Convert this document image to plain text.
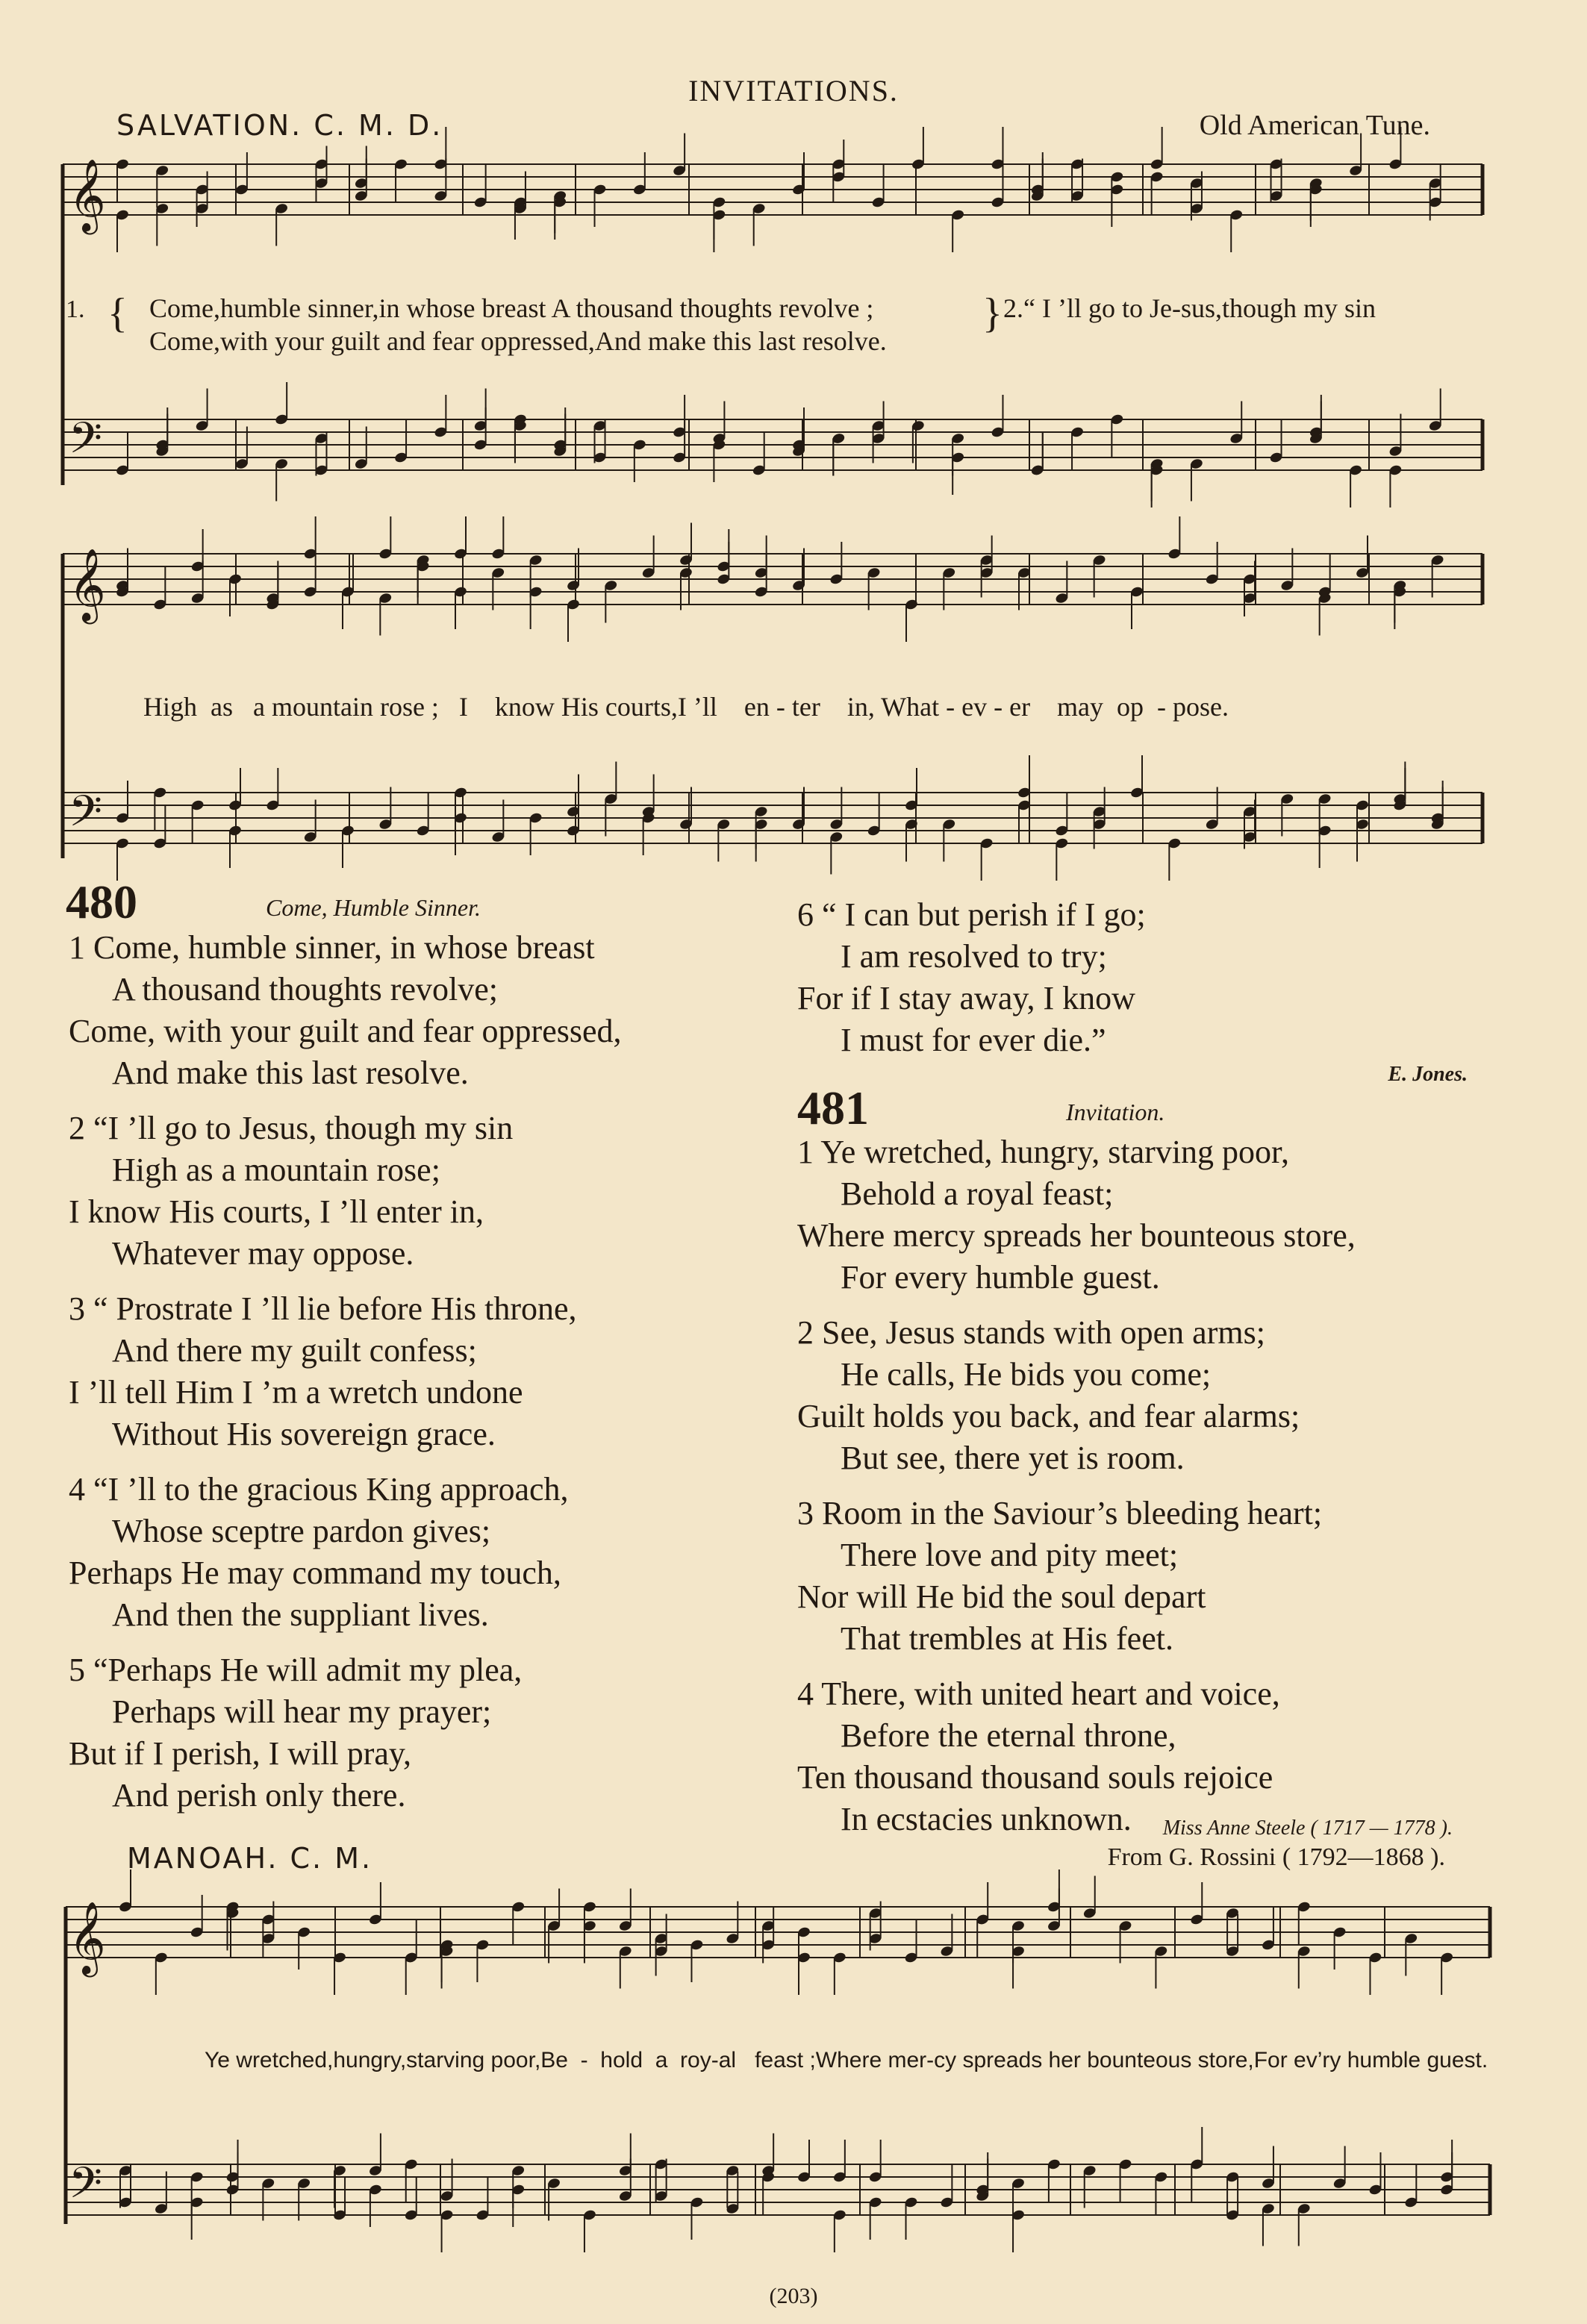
INVITATIONS.
SALVATION. C. M. D.	Old American Tune.
𝄞
𝄞
𝄞
𝄢
𝄢
𝄢
1. { Come,humble sinner,in whose breast A thousand thoughts revolve ;
Come,with your guilt and fear oppressed,And make this last resolve.
} 2.“ I ’ll go to Je-sus,though my sin
High  as   a mountain rose ;   I    know His courts,I ’ll    en - ter    in, What - ev - er    may  op  - pose.
480	Come, Humble Sinner.
1 Come, humble sinner, in whose breast
A thousand thoughts revolve;
Come, with your guilt and fear oppressed,
And make this last resolve.
2 “I ’ll go to Jesus, though my sin
High as a mountain rose;
I know His courts, I ’ll enter in,
Whatever may oppose.
3 “ Prostrate I ’ll lie before His throne,
And there my guilt confess;
I ’ll tell Him I ’m a wretch undone
Without His sovereign grace.
4 “I ’ll to the gracious King approach,
Whose sceptre pardon gives;
Perhaps He may command my touch,
And then the suppliant lives.
5 “Perhaps He will admit my plea,
Perhaps will hear my prayer;
But if I perish, I will pray,
And perish only there.
6 “ I can but perish if I go;
I am resolved to try;
For if I stay away, I know
I must for ever die.”
E. Jones.
481	Invitation.
1 Ye wretched, hungry, starving poor,
Behold a royal feast;
Where mercy spreads her bounteous store,
For every humble guest.
2 See, Jesus stands with open arms;
He calls, He bids you come;
Guilt holds you back, and fear alarms;
But see, there yet is room.
3 Room in the Saviour’s bleeding heart;
There love and pity meet;
Nor will He bid the soul depart
That trembles at His feet.
4 There, with united heart and voice,
Before the eternal throne,
Ten thousand thousand souls rejoice
In ecstacies unknown.	Miss Anne Steele ( 1717 — 1778 ).
MANOAH. C. M.	From G. Rossini ( 1792—1868 ).
Ye wretched,hungry,starving poor,Be  -  hold  a  roy-al   feast ;Where mer-cy spreads her bounteous store,For ev’ry humble guest.
(203)
